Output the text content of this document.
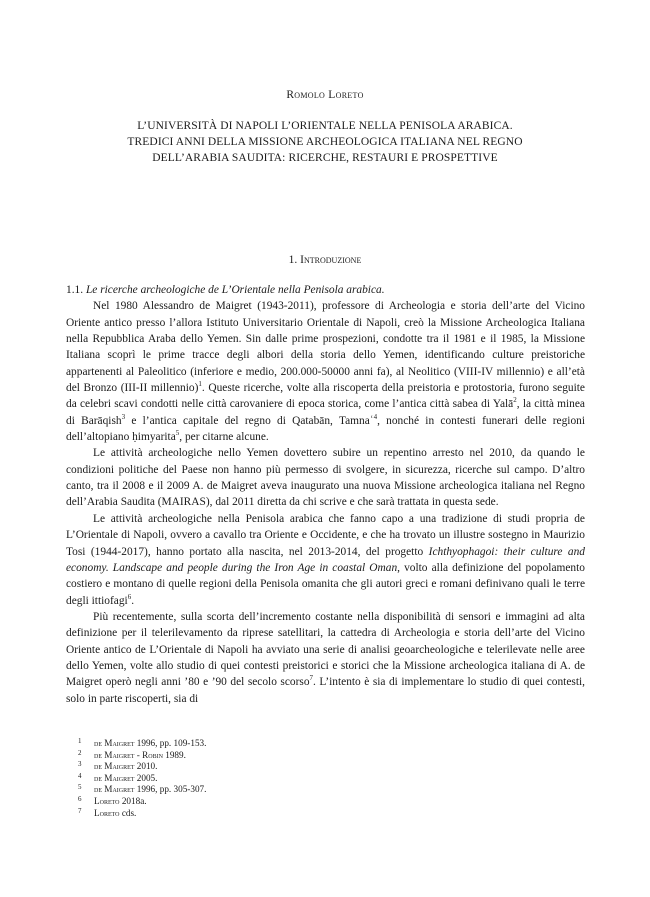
Romolo Loreto
L’UNIVERSITÀ DI NAPOLI L’ORIENTALE NELLA PENISOLA ARABICA.
TREDICI ANNI DELLA MISSIONE ARCHEOLOGICA ITALIANA NEL REGNO
DELL’ARABIA SAUDITA: RICERCHE, RESTAURI E PROSPETTIVE
1. Introduzione

1.1. Le ricerche archeologiche de L’Orientale nella Penisola arabica.

Nel 1980 Alessandro de Maigret (1943-2011), professore di Archeologia e storia dell’arte del Vicino Oriente antico presso l’allora Istituto Universitario Orientale di Napoli, creò la Missione Archeologica Italiana nella Repubblica Araba dello Yemen. Sin dalle prime prospezioni, condotte tra il 1981 e il 1985, la Missione Italiana scoprì le prime tracce degli albori della storia dello Yemen, identificando culture preistoriche appartenenti al Paleolitico (inferiore e medio, 200.000-50000 anni fa), al Neolitico (VIII-IV millennio) e all’età del Bronzo (III-II millennio)$^1$. Queste ricerche, volte alla riscoperta della preistoria e protostoria, furono seguite da celebri scavi condotti nelle città carovaniere di epoca storica, come l’antica città sabea di Yalā$^2$, la città minea di Barāqish$^3$ e l’antica capitale del regno di Qatabān, Tamnaʿ$^4$, nonché in contesti funerari delle regioni dell’altopiano ḥimyarita$^5$, per citarne alcune.

Le attività archeologiche nello Yemen dovettero subire un repentino arresto nel 2010, da quando le condizioni politiche del Paese non hanno più permesso di svolgere, in sicurezza, ricerche sul campo. D’altro canto, tra il 2008 e il 2009 A. de Maigret aveva inaugurato una nuova Missione archeologica italiana nel Regno dell’Arabia Saudita (MAIRAS), dal 2011 diretta da chi scrive e che sarà trattata in questa sede.

Le attività archeologiche nella Penisola arabica che fanno capo a una tradizione di studi propria de L’Orientale di Napoli, ovvero a cavallo tra Oriente e Occidente, e che ha trovato un illustre sostegno in Maurizio Tosi (1944-2017), hanno portato alla nascita, nel 2013-2014, del progetto Ichthyophagoi: their culture and economy. Landscape and people during the Iron Age in coastal Oman, volto alla definizione del popolamento costiero e montano di quelle regioni della Penisola omanita che gli autori greci e romani definivano quali le terre degli ittiofagi$^6$.

Più recentemente, sulla scorta dell’incremento costante nella disponibilità di sensori e immagini ad alta definizione per il telerilevamento da riprese satellitari, la cattedra di Archeologia e storia dell’arte del Vicino Oriente antico de L’Orientale di Napoli ha avviato una serie di analisi geoarcheologiche e telerilevate nelle aree dello Yemen, volte allo studio di quei contesti preistorici e storici che la Missione archeologica italiana di A. de Maigret operò negli anni ’80 e ’90 del secolo scorso$^7$. L’intento è sia di implementare lo studio di quei contesti, solo in parte riscoperti, sia di

1	de Maigret 1996, pp. 109-153.
2	de Maigret - Robin 1989.
3	de Maigret 2010.
4	de Maigret 2005.
5	de Maigret 1996, pp. 305-307.
6	Loreto 2018a.
7	Loreto cds.
